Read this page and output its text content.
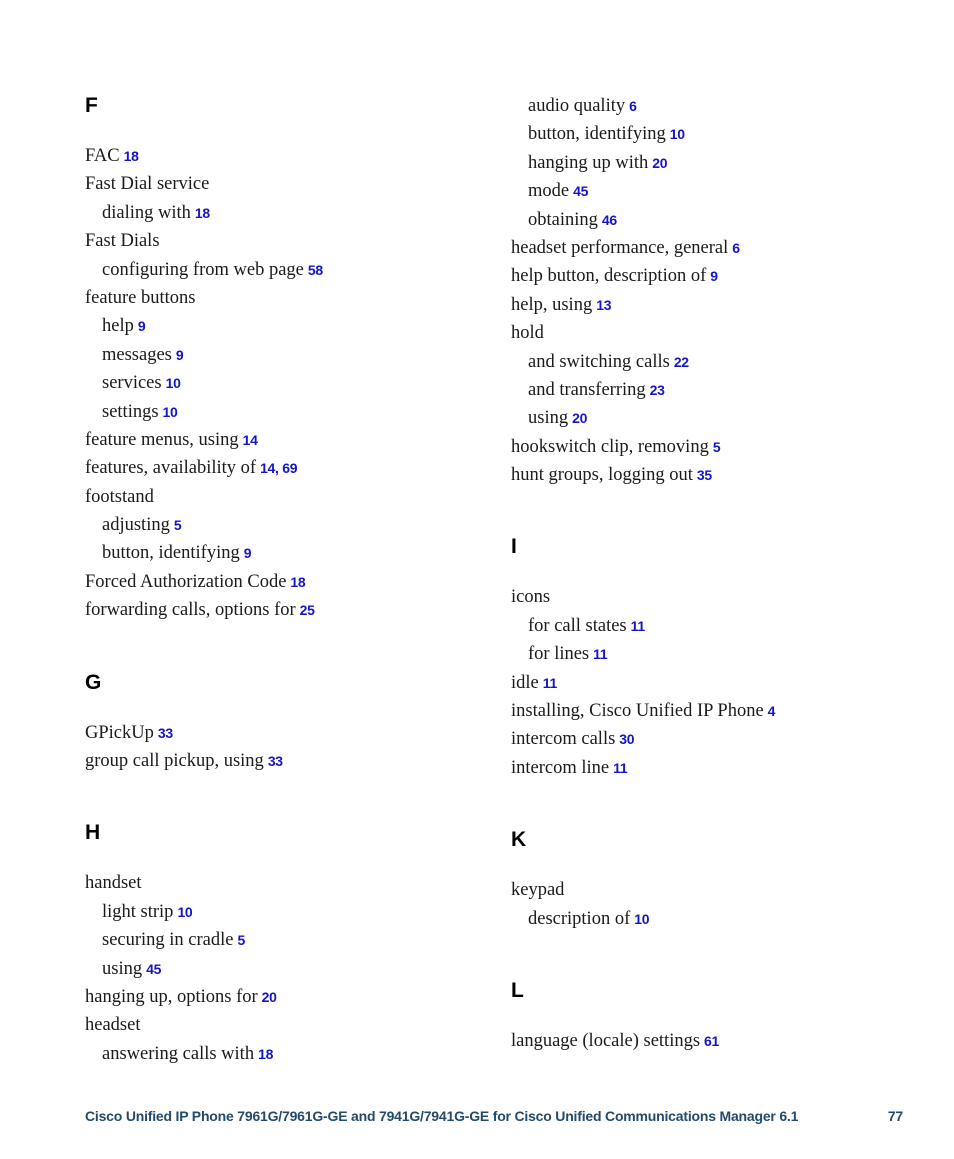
F
FAC 18
Fast Dial service
dialing with 18
Fast Dials
configuring from web page 58
feature buttons
help 9
messages 9
services 10
settings 10
feature menus, using 14
features, availability of 14, 69
footstand
adjusting 5
button, identifying 9
Forced Authorization Code 18
forwarding calls, options for 25
G
GPickUp 33
group call pickup, using 33
H
handset
light strip 10
securing in cradle 5
using 45
hanging up, options for 20
headset
answering calls with 18
audio quality 6
button, identifying 10
hanging up with 20
mode 45
obtaining 46
headset performance, general 6
help button, description of 9
help, using 13
hold
and switching calls 22
and transferring 23
using 20
hookswitch clip, removing 5
hunt groups, logging out 35
I
icons
for call states 11
for lines 11
idle 11
installing, Cisco Unified IP Phone 4
intercom calls 30
intercom line 11
K
keypad
description of 10
L
language (locale) settings 61
Cisco Unified IP Phone 7961G/7961G-GE and 7941G/7941G-GE for Cisco Unified Communications Manager 6.1	77
